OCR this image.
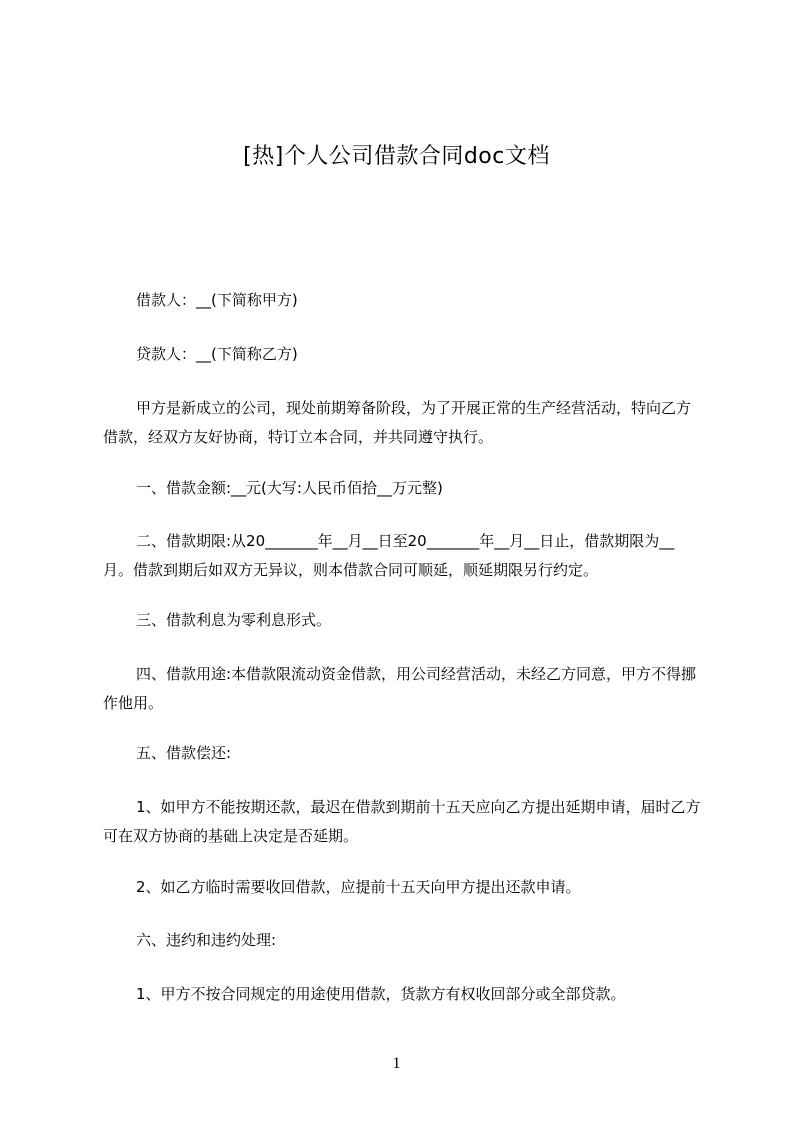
[热]个人公司借款合同doc文档
借款人：__(下简称甲方)
贷款人：__(下简称乙方)
甲方是新成立的公司，现处前期筹备阶段，为了开展正常的生产经营活动，特向乙方借款，经双方友好协商，特订立本合同，并共同遵守执行。
一、借款金额:__元(大写:人民币佰拾__万元整)
二、借款期限:从20_______年__月__日至20_______年__月__日止，借款期限为__月。借款到期后如双方无异议，则本借款合同可顺延，顺延期限另行约定。
三、借款利息为零利息形式。
四、借款用途:本借款限流动资金借款，用公司经营活动，未经乙方同意，甲方不得挪作他用。
五、借款偿还:
1、如甲方不能按期还款，最迟在借款到期前十五天应向乙方提出延期申请，届时乙方可在双方协商的基础上决定是否延期。
2、如乙方临时需要收回借款，应提前十五天向甲方提出还款申请。
六、违约和违约处理:
1、甲方不按合同规定的用途使用借款，货款方有权收回部分或全部贷款。
1
